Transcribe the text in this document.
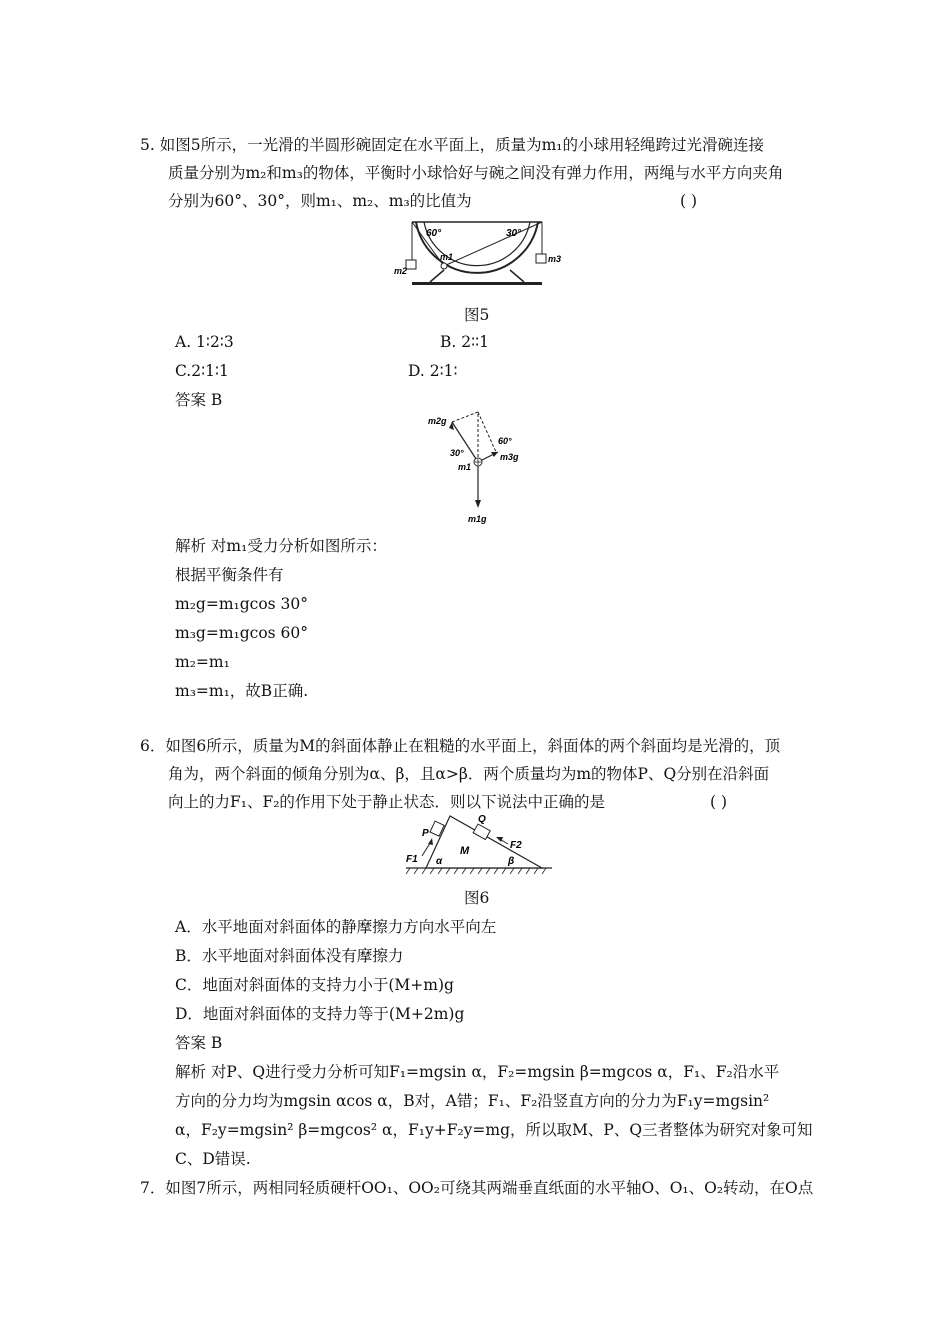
5. 如图5所示，一光滑的半圆形碗固定在水平面上，质量为m₁的小球用轻绳跨过光滑碗连接
质量分别为m₂和m₃的物体，平衡时小球恰好与碗之间没有弹力作用，两绳与水平方向夹角
分别为60°、30°，则m₁、m₂、m₃的比值为	( )
60°	30°
m1
m2
m3
图5
A. 1∶2∶3	B. 2∶∶1
C.2∶1∶1	D. 2∶1∶
答案 B
m2g
60°
30°	m3g
m1
m1g
解析 对m₁受力分析如图所示：
根据平衡条件有
m₂g=m₁gcos 30°
m₃g=m₁gcos 60°
m₂=m₁
m₃=m₁，故B正确.
6．如图6所示，质量为M的斜面体静止在粗糙的水平面上，斜面体的两个斜面均是光滑的，顶
角为，两个斜面的倾角分别为α、β，且α>β．两个质量均为m的物体P、Q分别在沿斜面
向上的力F₁、F₂的作用下处于静止状态．则以下说法中正确的是	( )
P
Q
M
F1
F2
α	β
图6
A．水平地面对斜面体的静摩擦力方向水平向左
B．水平地面对斜面体没有摩擦力
C．地面对斜面体的支持力小于(M+m)g
D．地面对斜面体的支持力等于(M+2m)g
答案 B
解析 对P、Q进行受力分析可知F₁=mgsin α，F₂=mgsin β=mgcos α，F₁、F₂沿水平
方向的分力均为mgsin αcos α，B对，A错；F₁、F₂沿竖直方向的分力为F₁y=mgsin²
α，F₂y=mgsin² β=mgcos² α，F₁y+F₂y=mg，所以取M、P、Q三者整体为研究对象可知
C、D错误.
7．如图7所示，两相同轻质硬杆OO₁、OO₂可绕其两端垂直纸面的水平轴O、O₁、O₂转动，在O点
